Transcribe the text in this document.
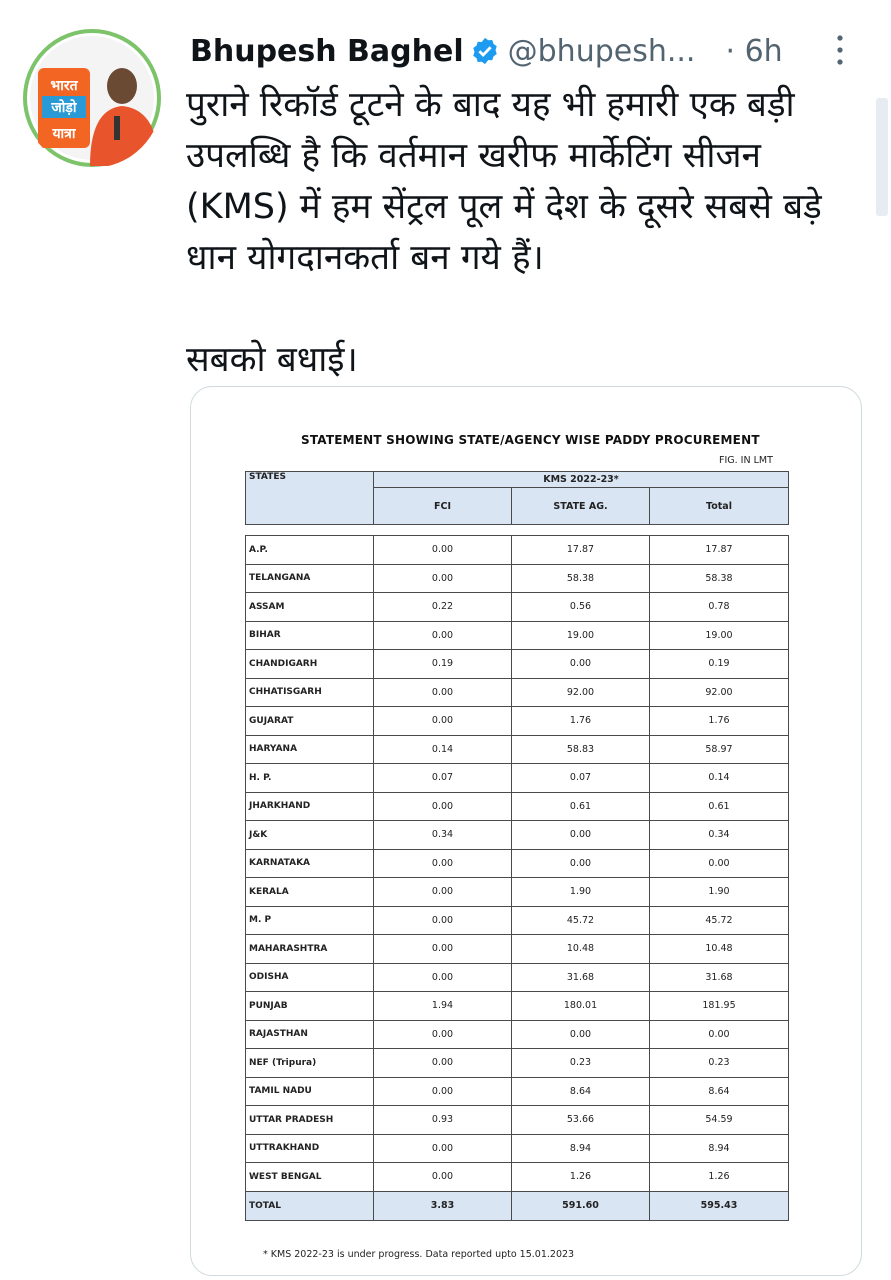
भारत
जोड़ो
यात्रा
Bhupesh Baghel @bhupesh... · 6h
पुराने रिकॉर्ड टूटने के बाद यह भी हमारी एक बड़ी उपलब्धि है कि वर्तमान खरीफ मार्केटिंग सीजन (KMS) में हम सेंट्रल पूल में देश के दूसरे सबसे बड़े धान योगदानकर्ता बन गये हैं।

सबको बधाई।
STATEMENT SHOWING STATE/AGENCY WISE PADDY PROCUREMENT
FIG. IN LMT
STATES	KMS 2022-23*		
	FCI	STATE AG.	Total

A.P.	0.00	17.87	17.87
TELANGANA	0.00	58.38	58.38
ASSAM	0.22	0.56	0.78
BIHAR	0.00	19.00	19.00
CHANDIGARH	0.19	0.00	0.19
CHHATISGARH	0.00	92.00	92.00
GUJARAT	0.00	1.76	1.76
HARYANA	0.14	58.83	58.97
H. P.	0.07	0.07	0.14
JHARKHAND	0.00	0.61	0.61
J&K	0.34	0.00	0.34
KARNATAKA	0.00	0.00	0.00
KERALA	0.00	1.90	1.90
M. P	0.00	45.72	45.72
MAHARASHTRA	0.00	10.48	10.48
ODISHA	0.00	31.68	31.68
PUNJAB	1.94	180.01	181.95
RAJASTHAN	0.00	0.00	0.00
NEF (Tripura)	0.00	0.23	0.23
TAMIL NADU	0.00	8.64	8.64
UTTAR PRADESH	0.93	53.66	54.59
UTTRAKHAND	0.00	8.94	8.94
WEST BENGAL	0.00	1.26	1.26
TOTAL	3.83	591.60	595.43
* KMS 2022-23 is under progress. Data reported upto 15.01.2023
